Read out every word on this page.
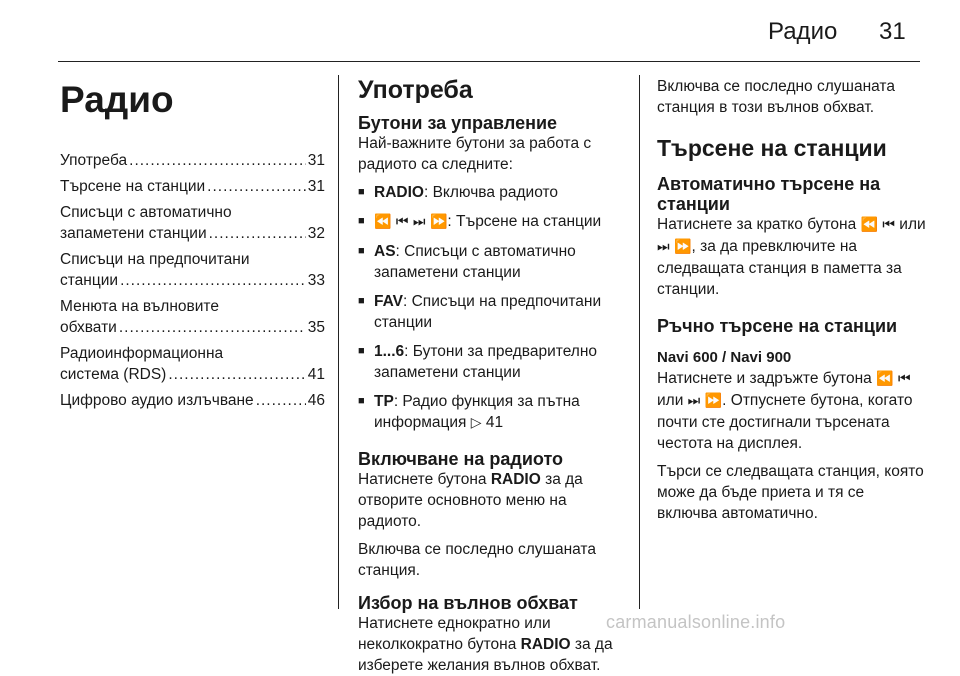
Радио 31
Радио
Употреба .....	31
Търсене на станции .....	31
Списъци с автоматично
запаметени станции .....	32
Списъци на предпочитани
станции .....	33
Менюта на вълновите
обхвати .....	35
Радиоинформационна
система (RDS) .....	41
Цифрово аудио излъчване .....	46
Употреба
Бутони за управление

Най-важните бутони за работа с радиото са следните:

■ RADIO: Включва радиото
■ ⏪ ⏮ ⏭ ⏩: Търсене на станции
■ AS: Списъци с автоматично запаметени станции
■ FAV: Списъци на предпочитани станции
■ 1...6: Бутони за предварително запаметени станции
■ TP: Радио функция за пътна информация ▷ 41
Включване на радиото

Натиснете бутона RADIO за да отворите основното меню на радиото.

Включва се последно слушаната станция.

Избор на вълнов обхват

Натиснете еднократно или неколкократно бутона RADIO за да изберете желания вълнов обхват.

Включва се последно слушаната станция в този вълнов обхват.

Търсене на станции
Автоматично търсене на станции

Натиснете за кратко бутона ⏪ ⏮ или ⏭ ⏩, за да превключите на следващата станция в паметта за станции.

Ръчно търсене на станции
Navi 600 / Navi 900

Натиснете и задръжте бутона ⏪ ⏮ или ⏭ ⏩. Отпуснете бутона, когато почти сте достигнали търсената честота на дисплея.

Търси се следващата станция, която може да бъде приета и тя се включва автоматично.

carmanualsonline.info
